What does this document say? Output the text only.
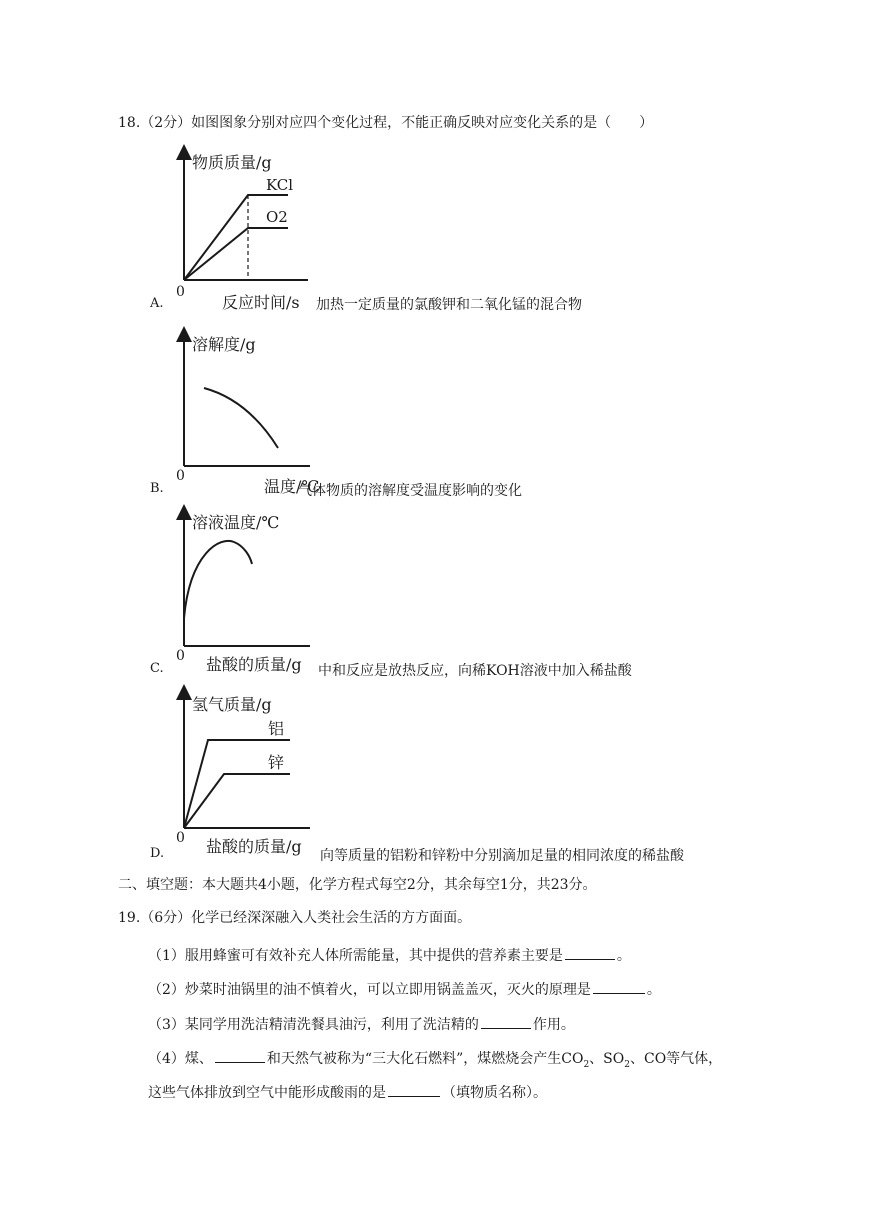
18.（2分）如图图象分别对应四个变化过程，不能正确反映对应变化关系的是（　　）
物质质量/g
0
反应时间/s
KCl
O2
A.	加热一定质量的氯酸钾和二氧化锰的混合物
溶解度/g
0
温度/℃
B.	气体物质的溶解度受温度影响的变化
溶液温度/℃
0 盐酸的质量/g
C.	中和反应是放热反应，向稀KOH溶液中加入稀盐酸
氢气质量/g
0 盐酸的质量/g
铝
锌
D.	向等质量的铝粉和锌粉中分别滴加足量的相同浓度的稀盐酸
二、填空题：本大题共4小题，化学方程式每空2分，其余每空1分，共23分。
19.（6分）化学已经深深融入人类社会生活的方方面面。
（1）服用蜂蜜可有效补充人体所需能量，其中提供的营养素主要是	。
（2）炒菜时油锅里的油不慎着火，可以立即用锅盖盖灭，灭火的原理是	。
（3）某同学用洗洁精清洗餐具油污，利用了洗洁精的	作用。
（4）煤、	和天然气被称为“三大化石燃料”，煤燃烧会产生$CO_2$、$SO_2$、CO等气体，
这些气体排放到空气中能形成酸雨的是	（填物质名称）。
